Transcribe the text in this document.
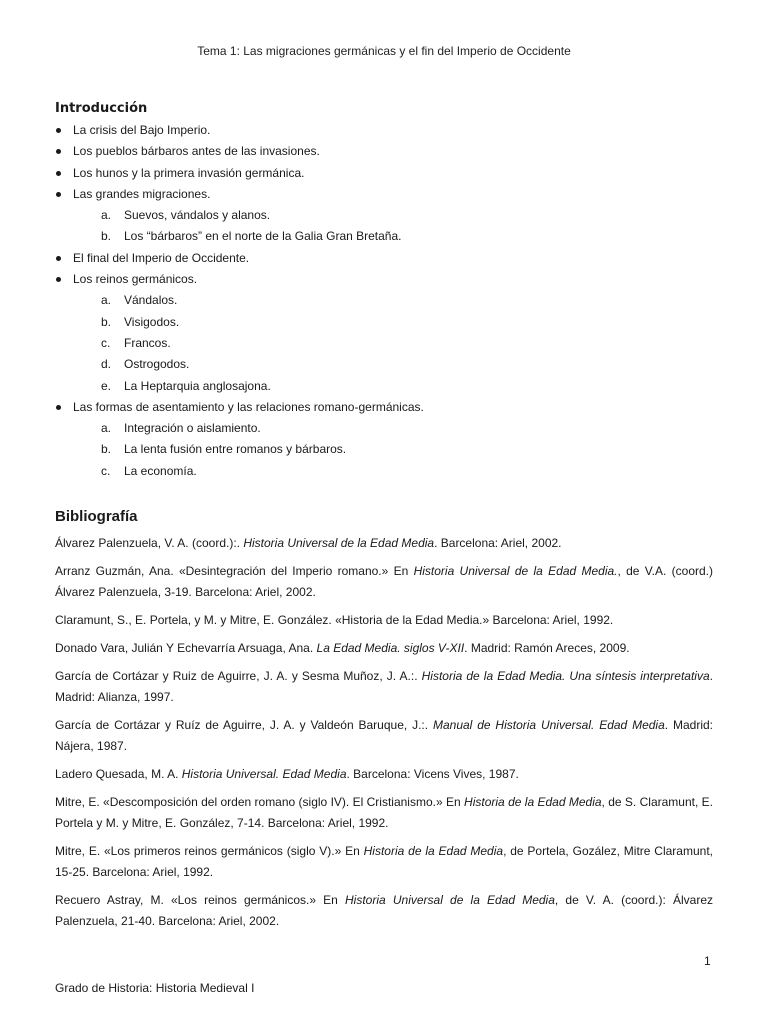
Tema 1: Las migraciones germánicas y el fin del Imperio de Occidente
Introducción
La crisis del Bajo Imperio.
Los pueblos bárbaros antes de las invasiones.
Los hunos y la primera invasión germánica.
Las grandes migraciones.
a. Suevos, vándalos y alanos.
b. Los “bárbaros” en el norte de la Galia Gran Bretaña.
El final del Imperio de Occidente.
Los reinos germánicos.
a. Vándalos.
b. Visigodos.
c. Francos.
d. Ostrogodos.
e. La Heptarquia anglosajona.
Las formas de asentamiento y las relaciones romano-germánicas.
a. Integración o aislamiento.
b. La lenta fusión entre romanos y bárbaros.
c. La economía.
Bibliografía

Álvarez Palenzuela, V. A. (coord.):. Historia Universal de la Edad Media. Barcelona: Ariel, 2002.

Arranz Guzmán, Ana. «Desintegración del Imperio romano.» En Historia Universal de la Edad Media., de V.A. (coord.) Álvarez Palenzuela, 3-19. Barcelona: Ariel, 2002.

Claramunt, S., E. Portela, y M. y Mitre, E. González. «Historia de la Edad Media.» Barcelona: Ariel, 1992.

Donado Vara, Julián Y Echevarría Arsuaga, Ana. La Edad Media. siglos V-XII. Madrid: Ramón Areces, 2009.

García de Cortázar y Ruiz de Aguirre, J. A. y Sesma Muñoz, J. A.:. Historia de la Edad Media. Una síntesis interpretativa. Madrid: Alianza, 1997.

García de Cortázar y Ruíz de Aguirre, J. A. y Valdeón Baruque, J.:. Manual de Historia Universal. Edad Media. Madrid: Nájera, 1987.

Ladero Quesada, M. A. Historia Universal. Edad Media. Barcelona: Vicens Vives, 1987.

Mitre, E. «Descomposición del orden romano (siglo IV). El Cristianismo.» En Historia de la Edad Media, de S. Claramunt, E. Portela y M. y Mitre, E. González, 7-14. Barcelona: Ariel, 1992.

Mitre, E. «Los primeros reinos germánicos (siglo V).» En Historia de la Edad Media, de Portela, Gozález, Mitre Claramunt, 15-25. Barcelona: Ariel, 1992.

Recuero Astray, M. «Los reinos germánicos.» En Historia Universal de la Edad Media, de V. A. (coord.): Álvarez Palenzuela, 21-40. Barcelona: Ariel, 2002.

1
Grado de Historia: Historia Medieval I
